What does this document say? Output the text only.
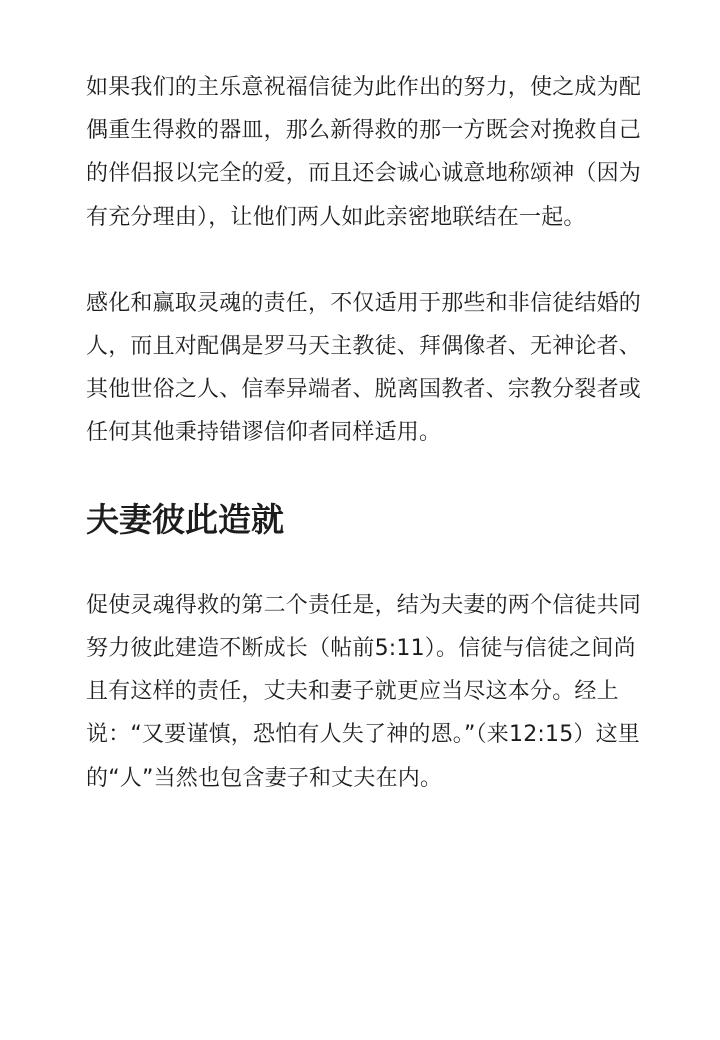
如果我们的主乐意祝福信徒为此作出的努力，使之成为配偶重生得救的器皿，那么新得救的那一方既会对挽救自己的伴侣报以完全的爱，而且还会诚心诚意地称颂神（因为有充分理由），让他们两人如此亲密地联结在一起。

感化和赢取灵魂的责任，不仅适用于那些和非信徒结婚的人，而且对配偶是罗马天主教徒、拜偶像者、无神论者、其他世俗之人、信奉异端者、脱离国教者、宗教分裂者或任何其他秉持错谬信仰者同样适用。

夫妻彼此造就

促使灵魂得救的第二个责任是，结为夫妻的两个信徒共同努力彼此建造不断成长（帖前5:11）。信徒与信徒之间尚且有这样的责任，丈夫和妻子就更应当尽这本分。经上说：“又要谨慎，恐怕有人失了神的恩。”（来12:15）这里的“人”当然也包含妻子和丈夫在内。
